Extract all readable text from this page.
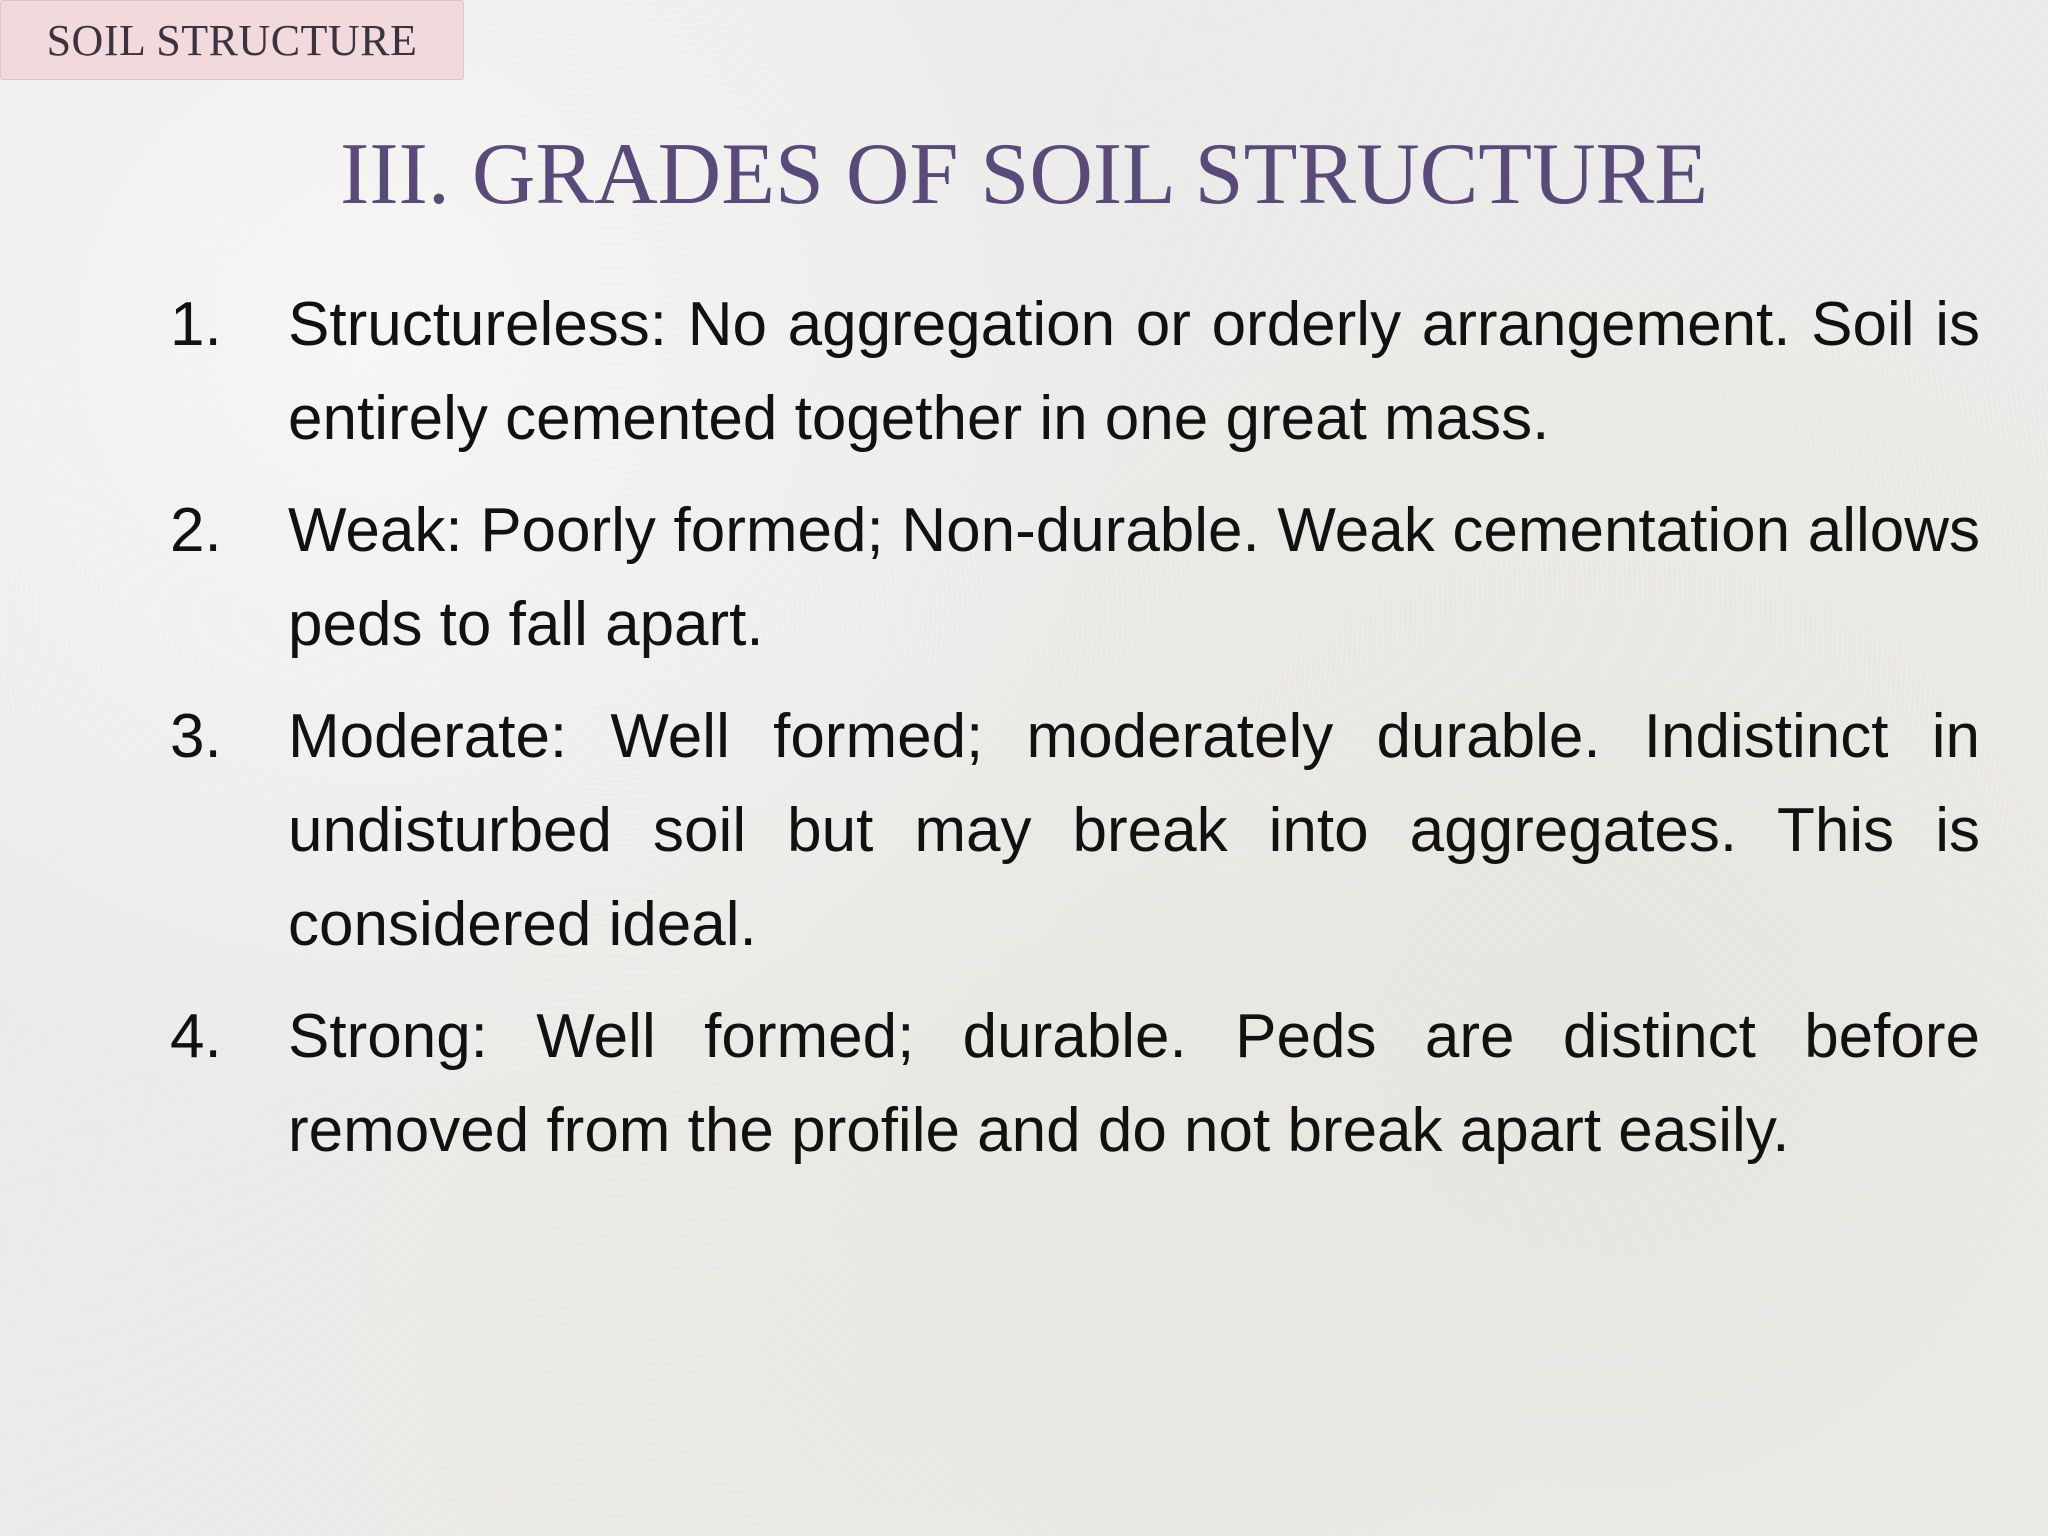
SOIL STRUCTURE
III. GRADES OF SOIL STRUCTURE
1.	Structureless: No aggregation or orderly arrangement. Soil is entirely cemented together in one great mass.
2.	Weak: Poorly formed; Non-durable. Weak cementation allows peds to fall apart.
3.	Moderate: Well formed; moderately durable. Indistinct in undisturbed soil but may break into aggregates. This is considered ideal.
4.	Strong: Well formed; durable. Peds are distinct before removed from the profile and do not break apart easily.
